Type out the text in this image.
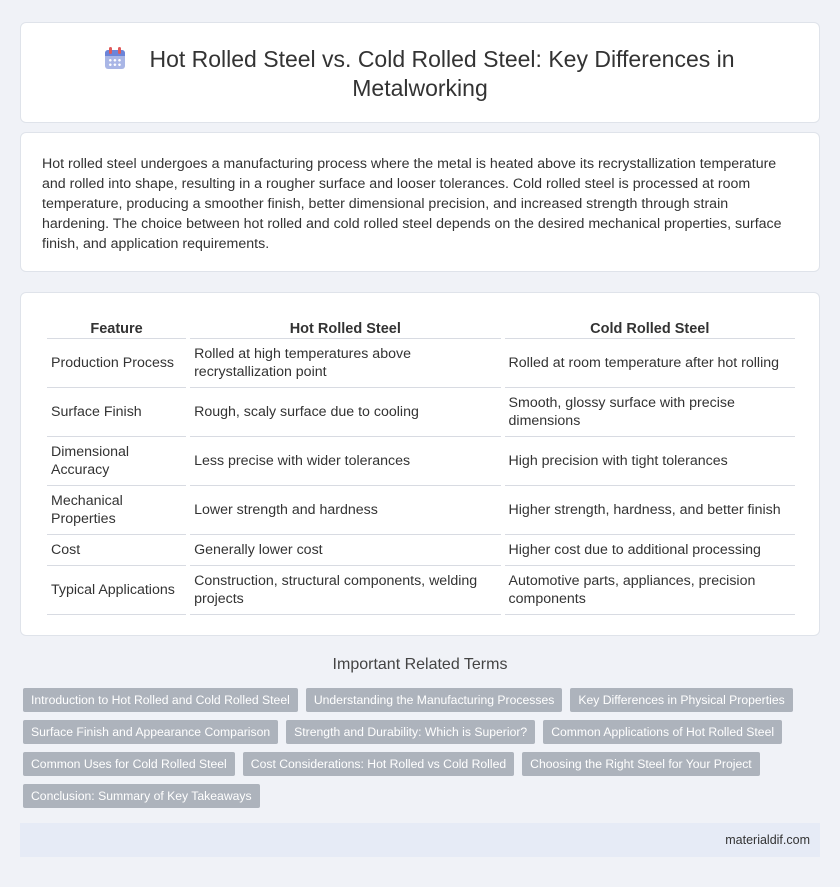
Hot Rolled Steel vs. Cold Rolled Steel: Key Differences in Metalworking

Hot rolled steel undergoes a manufacturing process where the metal is heated above its recrystallization temperature and rolled into shape, resulting in a rougher surface and looser tolerances. Cold rolled steel is processed at room temperature, producing a smoother finish, better dimensional precision, and increased strength through strain hardening. The choice between hot rolled and cold rolled steel depends on the desired mechanical properties, surface finish, and application requirements.

Feature	Hot Rolled Steel	Cold Rolled Steel
Production Process	Rolled at high temperatures above recrystallization point	Rolled at room temperature after hot rolling
Surface Finish	Rough, scaly surface due to cooling	Smooth, glossy surface with precise dimensions
Dimensional Accuracy	Less precise with wider tolerances	High precision with tight tolerances
Mechanical Properties	Lower strength and hardness	Higher strength, hardness, and better finish
Cost	Generally lower cost	Higher cost due to additional processing
Typical Applications	Construction, structural components, welding projects	Automotive parts, appliances, precision components
Important Related Terms
Introduction to Hot Rolled and Cold Rolled Steel	Understanding the Manufacturing Processes	Key Differences in Physical Properties
Surface Finish and Appearance Comparison	Strength and Durability: Which is Superior?	Common Applications of Hot Rolled Steel
Common Uses for Cold Rolled Steel	Cost Considerations: Hot Rolled vs Cold Rolled	Choosing the Right Steel for Your Project
Conclusion: Summary of Key Takeaways
materialdif.com
